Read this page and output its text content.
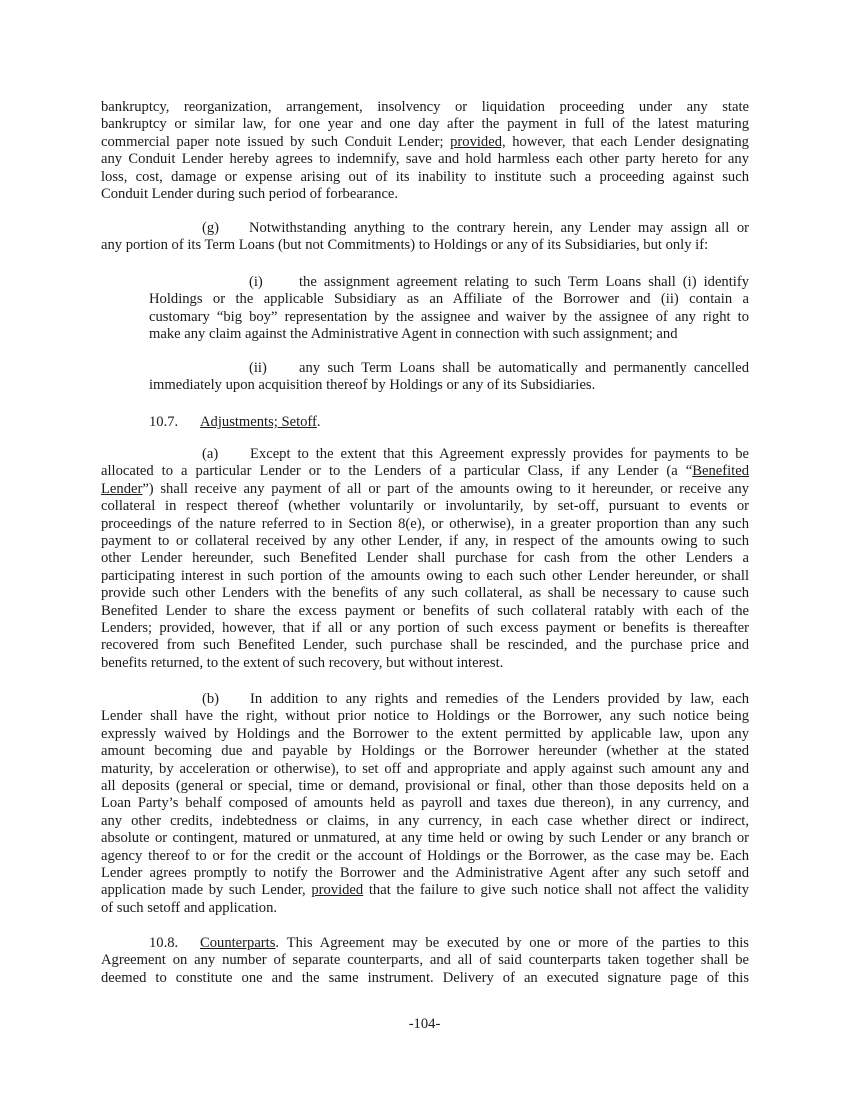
bankruptcy, reorganization, arrangement, insolvency or liquidation proceeding under any state
bankruptcy or similar law, for one year and one day after the payment in full of the latest maturing
commercial paper note issued by such Conduit Lender; provided, however, that each Lender designating
any Conduit Lender hereby agrees to indemnify, save and hold harmless each other party hereto for any
loss, cost, damage or expense arising out of its inability to institute such a proceeding against such
Conduit Lender during such period of forbearance.
(g) Notwithstanding anything to the contrary herein, any Lender may assign all or
any portion of its Term Loans (but not Commitments) to Holdings or any of its Subsidiaries, but only if:
(i) the assignment agreement relating to such Term Loans shall (i) identify
Holdings or the applicable Subsidiary as an Affiliate of the Borrower and (ii) contain a
customary “big boy” representation by the assignee and waiver by the assignee of any right to
make any claim against the Administrative Agent in connection with such assignment; and
(ii) any such Term Loans shall be automatically and permanently cancelled
immediately upon acquisition thereof by Holdings or any of its Subsidiaries.
10.7. Adjustments; Setoff.
(a) Except to the extent that this Agreement expressly provides for payments to be
allocated to a particular Lender or to the Lenders of a particular Class, if any Lender (a “Benefited
Lender”) shall receive any payment of all or part of the amounts owing to it hereunder, or receive any
collateral in respect thereof (whether voluntarily or involuntarily, by set-off, pursuant to events or
proceedings of the nature referred to in Section 8(e), or otherwise), in a greater proportion than any such
payment to or collateral received by any other Lender, if any, in respect of the amounts owing to such
other Lender hereunder, such Benefited Lender shall purchase for cash from the other Lenders a
participating interest in such portion of the amounts owing to each such other Lender hereunder, or shall
provide such other Lenders with the benefits of any such collateral, as shall be necessary to cause such
Benefited Lender to share the excess payment or benefits of such collateral ratably with each of the
Lenders; provided, however, that if all or any portion of such excess payment or benefits is thereafter
recovered from such Benefited Lender, such purchase shall be rescinded, and the purchase price and
benefits returned, to the extent of such recovery, but without interest.
(b) In addition to any rights and remedies of the Lenders provided by law, each
Lender shall have the right, without prior notice to Holdings or the Borrower, any such notice being
expressly waived by Holdings and the Borrower to the extent permitted by applicable law, upon any
amount becoming due and payable by Holdings or the Borrower hereunder (whether at the stated
maturity, by acceleration or otherwise), to set off and appropriate and apply against such amount any and
all deposits (general or special, time or demand, provisional or final, other than those deposits held on a
Loan Party’s behalf composed of amounts held as payroll and taxes due thereon), in any currency, and
any other credits, indebtedness or claims, in any currency, in each case whether direct or indirect,
absolute or contingent, matured or unmatured, at any time held or owing by such Lender or any branch or
agency thereof to or for the credit or the account of Holdings or the Borrower, as the case may be. Each
Lender agrees promptly to notify the Borrower and the Administrative Agent after any such setoff and
application made by such Lender, provided that the failure to give such notice shall not affect the validity
of such setoff and application.
10.8. Counterparts. This Agreement may be executed by one or more of the parties to this
Agreement on any number of separate counterparts, and all of said counterparts taken together shall be
deemed to constitute one and the same instrument. Delivery of an executed signature page of this
-104-
